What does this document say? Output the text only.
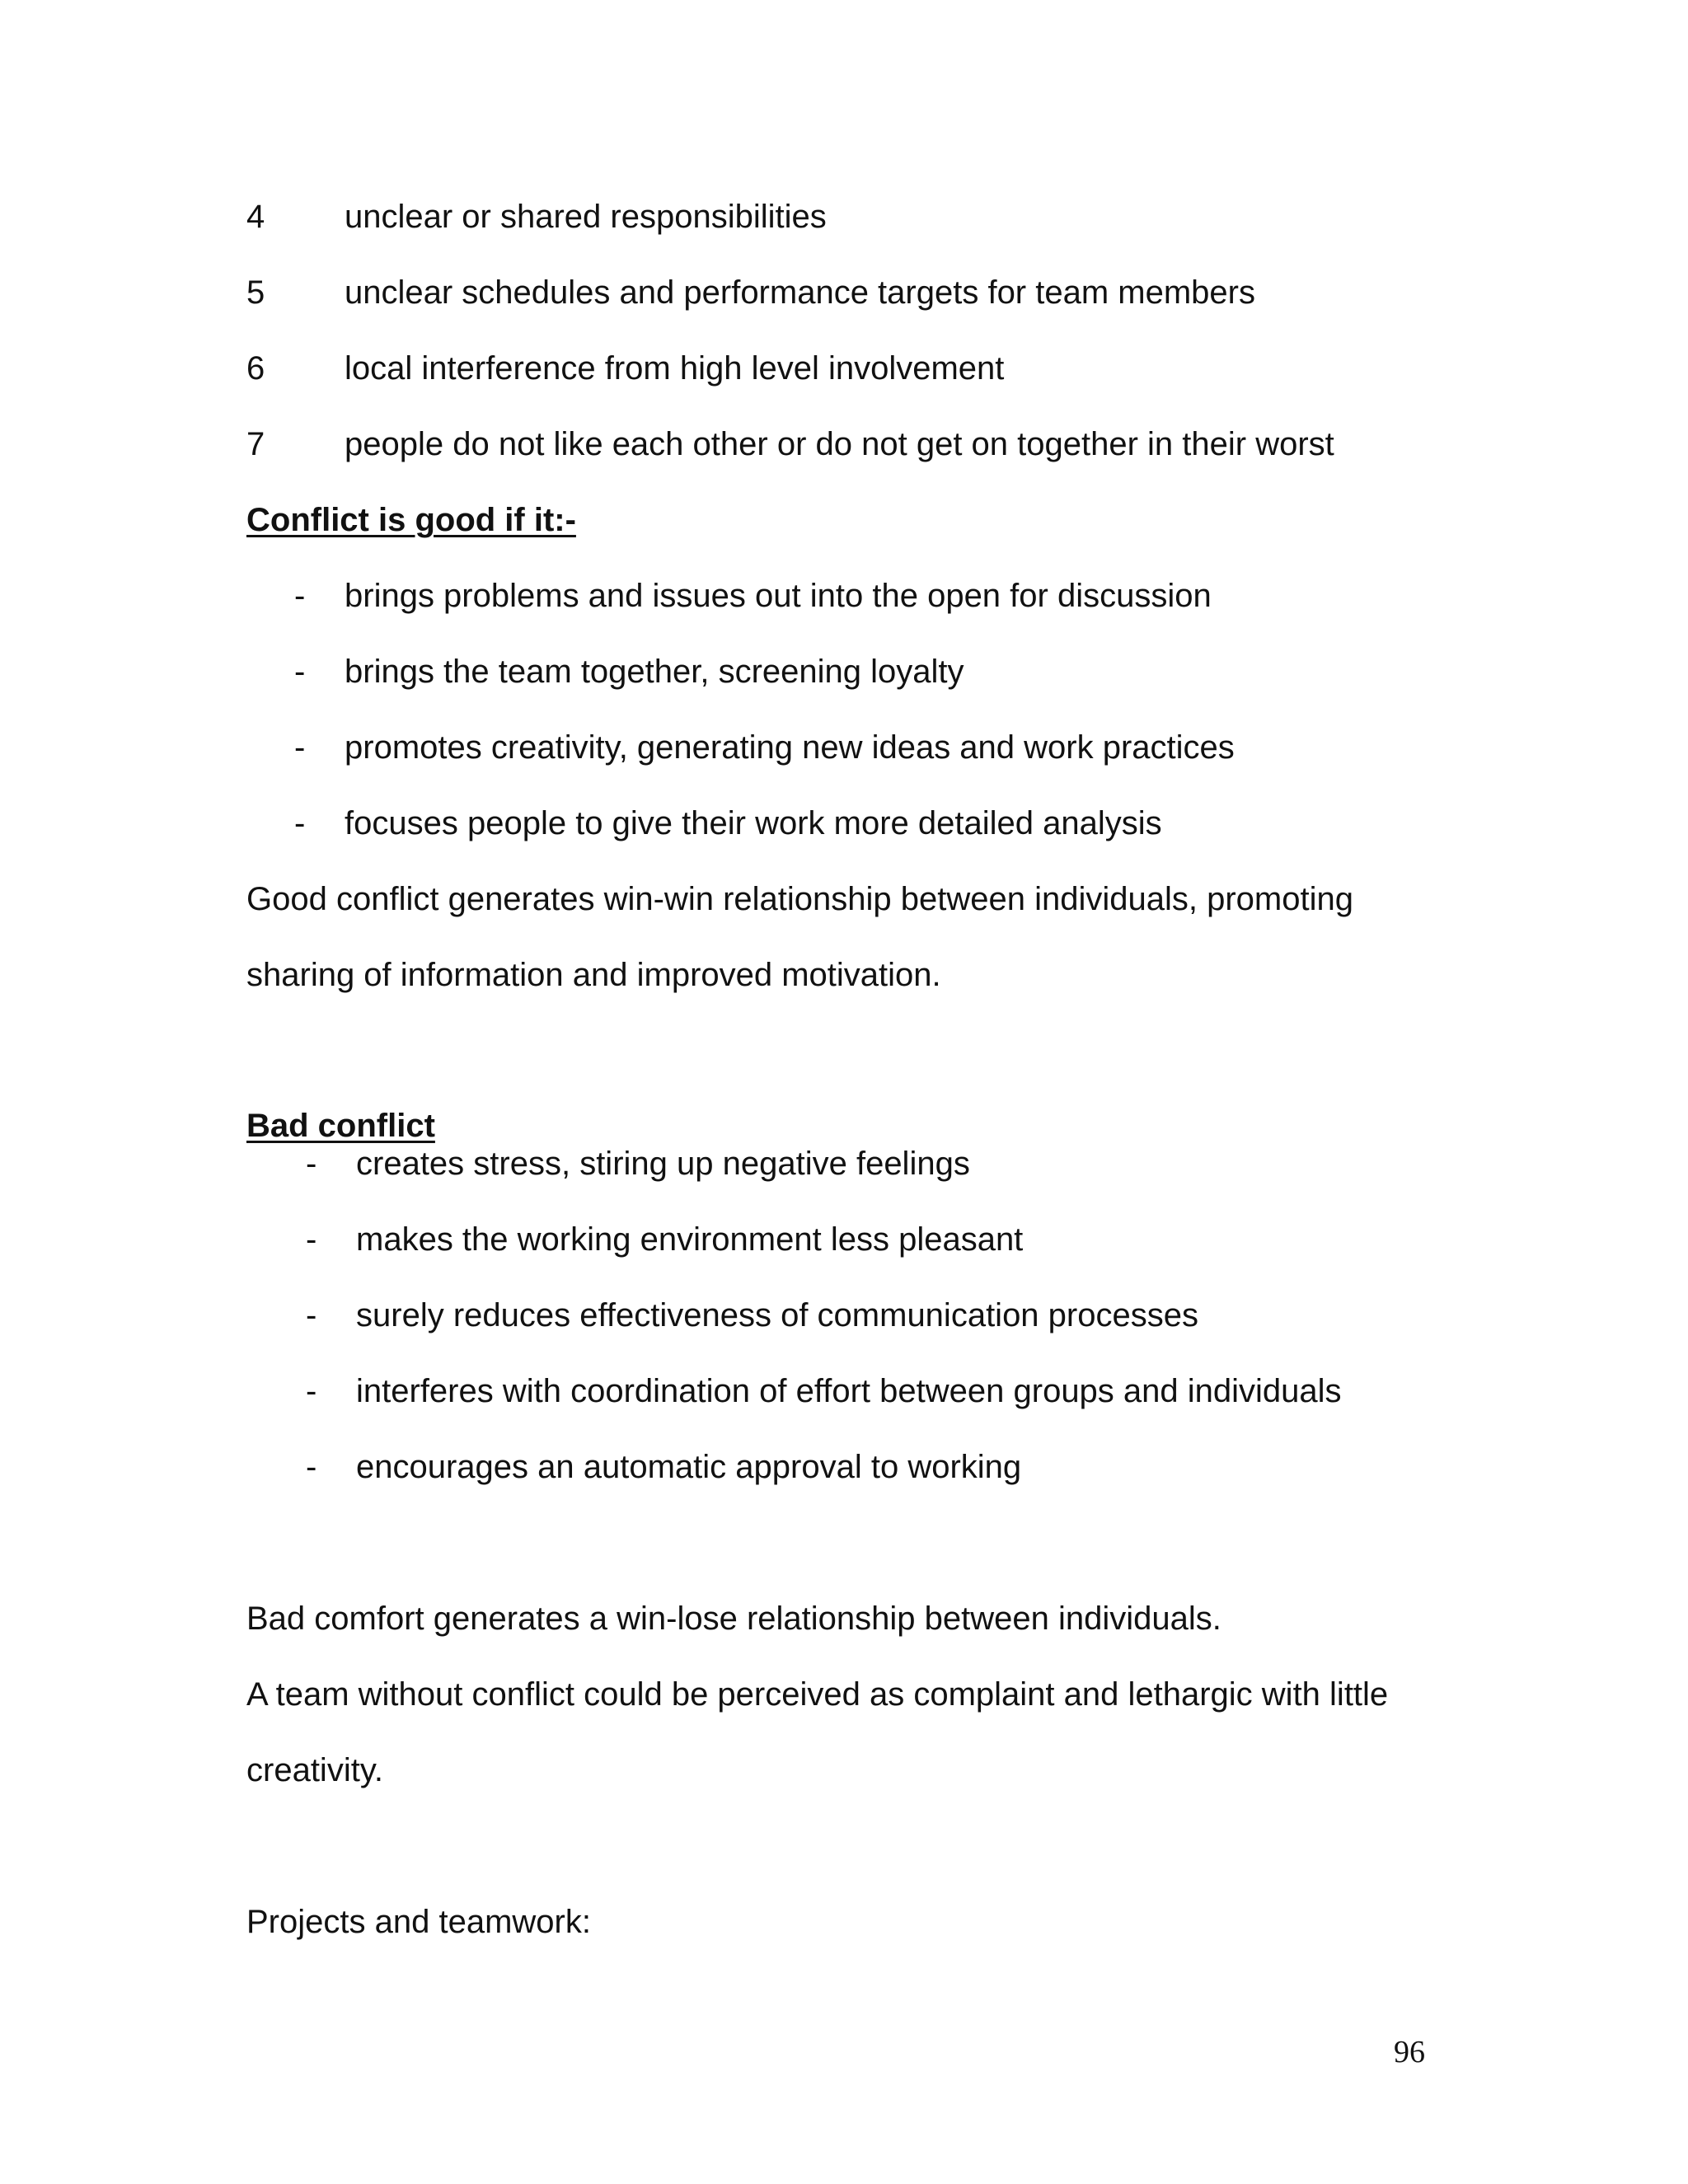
4 unclear or shared responsibilities
5 unclear schedules and performance targets for team members
6 local interference from high level involvement
7 people do not like each other or do not get on together in their worst
Conflict is good if it:-
- brings problems and issues out into the open for discussion
- brings the team together, screening loyalty
- promotes creativity, generating new ideas and work practices
- focuses people to give their work more detailed analysis
Good conflict generates win-win relationship between individuals, promoting
sharing of information and improved motivation.
Bad conflict
- creates stress, stiring up negative feelings
- makes the working environment less pleasant
- surely reduces effectiveness of communication processes
- interferes with coordination of effort between groups and individuals
- encourages an automatic approval to working
Bad comfort generates a win-lose relationship between individuals.
A team without conflict could be perceived as complaint and lethargic with little
creativity.
Projects and teamwork:
96
